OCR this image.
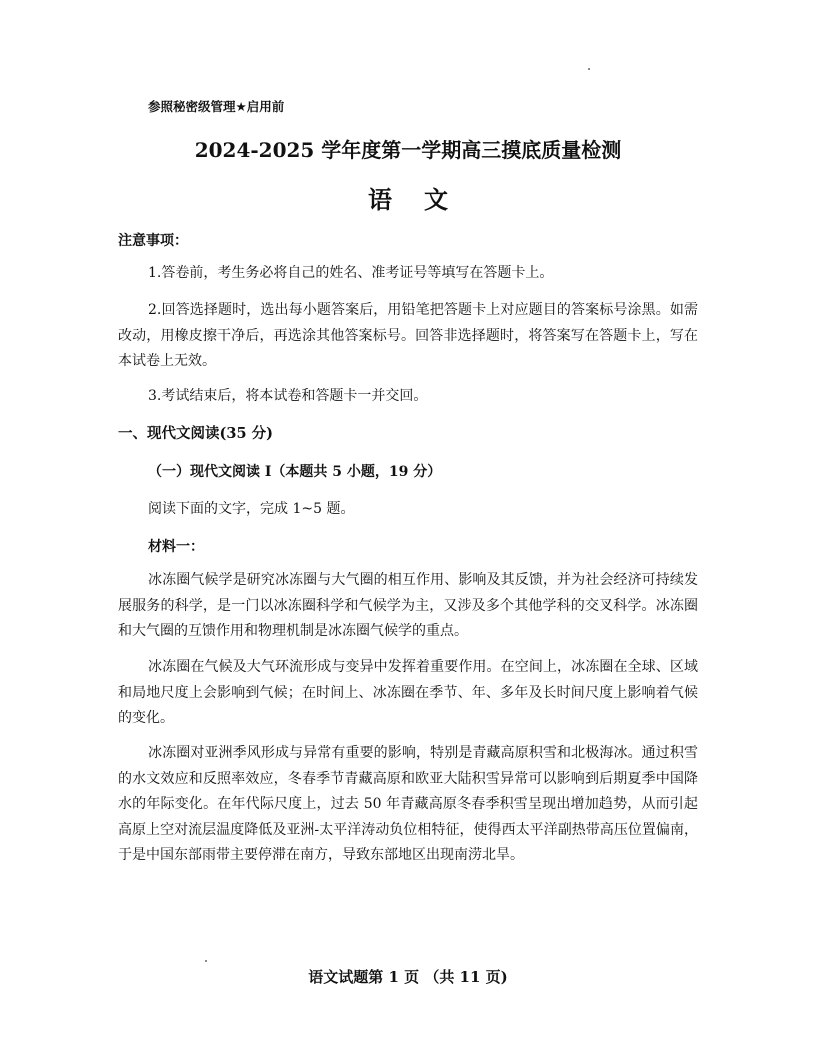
参照秘密级管理★启用前
2024-2025 学年度第一学期高三摸底质量检测
语文
注意事项：
1.答卷前，考生务必将自己的姓名、准考证号等填写在答题卡上。
2.回答选择题时，选出每小题答案后，用铅笔把答题卡上对应题目的答案标号涂黑。如需改动，用橡皮擦干净后，再选涂其他答案标号。回答非选择题时，将答案写在答题卡上，写在本试卷上无效。
3.考试结束后，将本试卷和答题卡一并交回。
一、现代文阅读(35 分)
（一）现代文阅读 I（本题共 5 小题，19 分）
阅读下面的文字，完成 1~5 题。
材料一：
冰冻圈气候学是研究冰冻圈与大气圈的相互作用、影响及其反馈，并为社会经济可持续发展服务的科学，是一门以冰冻圈科学和气候学为主，又涉及多个其他学科的交叉科学。冰冻圈和大气圈的互馈作用和物理机制是冰冻圈气候学的重点。
冰冻圈在气候及大气环流形成与变异中发挥着重要作用。在空间上，冰冻圈在全球、区域和局地尺度上会影响到气候；在时间上、冰冻圈在季节、年、多年及长时间尺度上影响着气候的变化。
冰冻圈对亚洲季风形成与异常有重要的影响，特别是青藏高原积雪和北极海冰。通过积雪的水文效应和反照率效应，冬春季节青藏高原和欧亚大陆积雪异常可以影响到后期夏季中国降水的年际变化。在年代际尺度上，过去 50 年青藏高原冬春季积雪呈现出增加趋势，从而引起高原上空对流层温度降低及亚洲-太平洋涛动负位相特征，使得西太平洋副热带高压位置偏南，于是中国东部雨带主要停滞在南方，导致东部地区出现南涝北旱。
语文试题第 1 页 （共 11 页)
